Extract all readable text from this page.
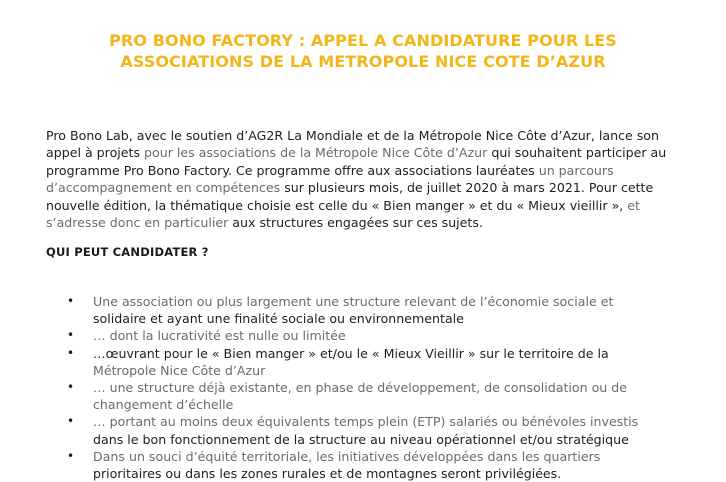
PRO BONO FACTORY : APPEL A CANDIDATURE POUR LES
ASSOCIATIONS DE LA METROPOLE NICE COTE D’AZUR
Pro Bono Lab, avec le soutien d’AG2R La Mondiale et de la Métropole Nice Côte d’Azur, lance son appel à projets pour les associations de la Métropole Nice Côte d’Azur qui souhaitent participer au programme Pro Bono Factory. Ce programme offre aux associations lauréates un parcours d’accompagnement en compétences sur plusieurs mois, de juillet 2020 à mars 2021. Pour cette nouvelle édition, la thématique choisie est celle du « Bien manger » et du « Mieux vieillir », et s’adresse donc en particulier aux structures engagées sur ces sujets.
QUI PEUT CANDIDATER ?
• Une association ou plus largement une structure relevant de l’économie sociale et solidaire et ayant une finalité sociale ou environnementale
• … dont la lucrativité est nulle ou limitée
• …œuvrant pour le « Bien manger » et/ou le « Mieux Vieillir » sur le territoire de la Métropole Nice Côte d’Azur
• … une structure déjà existante, en phase de développement, de consolidation ou de changement d’échelle
• … portant au moins deux équivalents temps plein (ETP) salariés ou bénévoles investis dans le bon fonctionnement de la structure au niveau opérationnel et/ou stratégique
• Dans un souci d’équité territoriale, les initiatives développées dans les quartiers prioritaires ou dans les zones rurales et de montagnes seront privilégiées.
